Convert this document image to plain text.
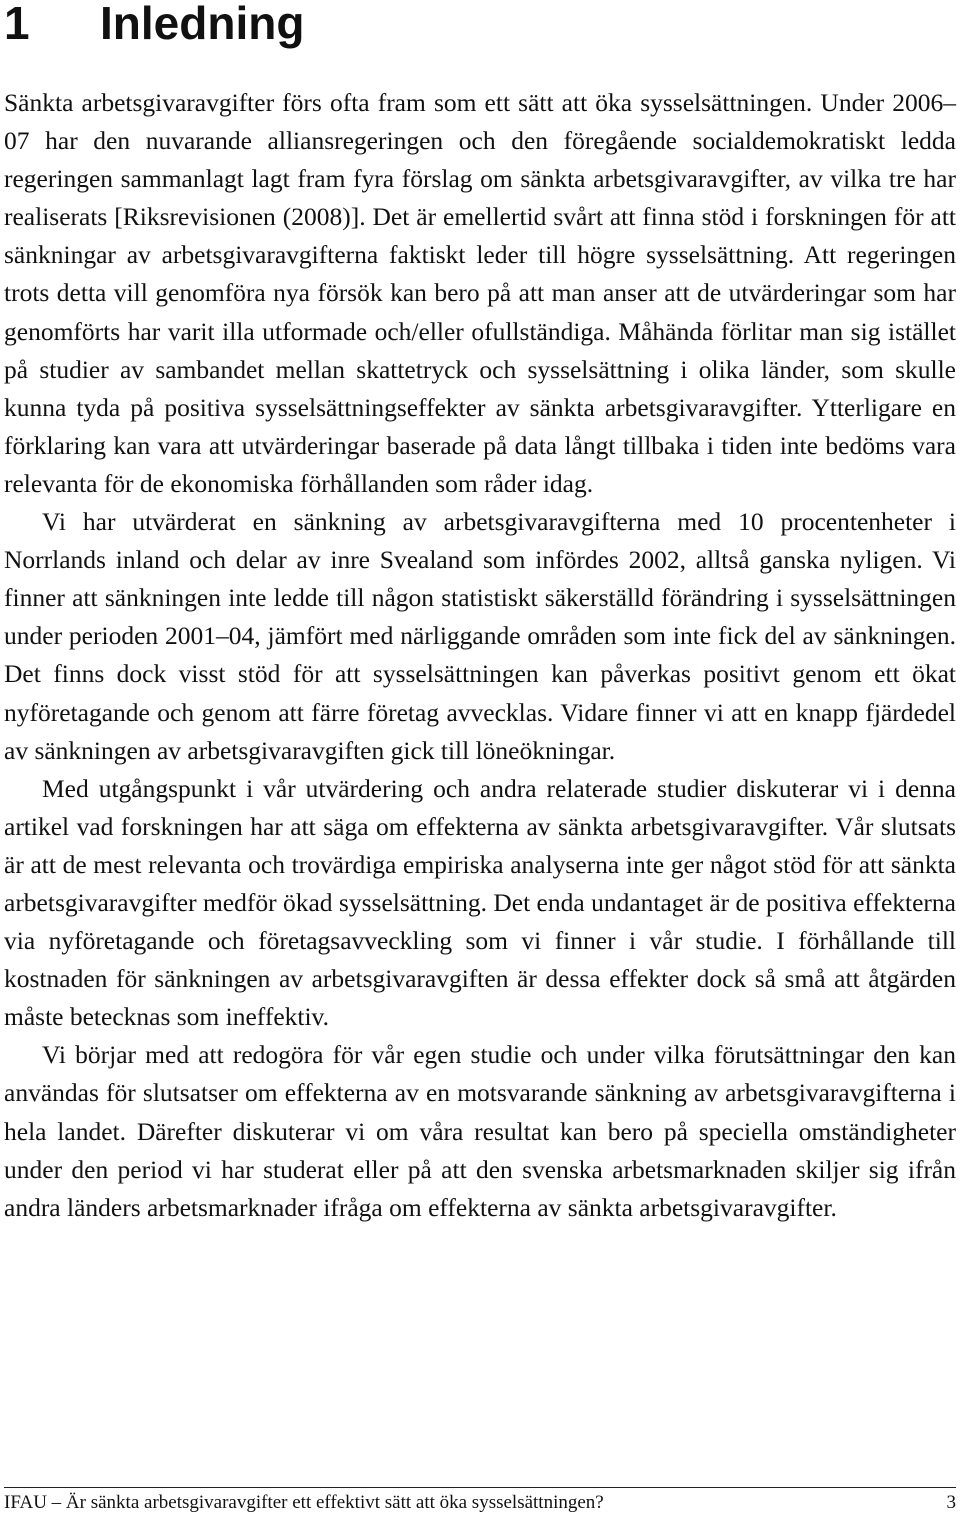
1 Inledning

Sänkta arbetsgivaravgifter förs ofta fram som ett sätt att öka sysselsättningen. Under 2006–07 har den nuvarande alliansregeringen och den föregående socialdemokratiskt ledda regeringen sammanlagt lagt fram fyra förslag om sänkta arbetsgivaravgifter, av vilka tre har realiserats [Riksrevisionen (2008)]. Det är emellertid svårt att finna stöd i forskningen för att sänkningar av arbetsgivaravgifterna faktiskt leder till högre sysselsättning. Att regeringen trots detta vill genomföra nya försök kan bero på att man anser att de utvärderingar som har genomförts har varit illa utformade och/eller ofullständiga. Måhända förlitar man sig istället på studier av sambandet mellan skattetryck och sysselsättning i olika länder, som skulle kunna tyda på positiva sysselsättningseffekter av sänkta arbetsgivaravgifter. Ytterligare en förklaring kan vara att utvärderingar baserade på data långt tillbaka i tiden inte bedöms vara relevanta för de ekonomiska förhållanden som råder idag.

Vi har utvärderat en sänkning av arbetsgivaravgifterna med 10 procentenheter i Norrlands inland och delar av inre Svealand som infördes 2002, alltså ganska nyligen. Vi finner att sänkningen inte ledde till någon statistiskt säkerställd förändring i sysselsättningen under perioden 2001–04, jämfört med närliggande områden som inte fick del av sänkningen. Det finns dock visst stöd för att sysselsättningen kan påverkas positivt genom ett ökat nyföretagande och genom att färre företag avvecklas. Vidare finner vi att en knapp fjärdedel av sänkningen av arbetsgivaravgiften gick till löneökningar.

Med utgångspunkt i vår utvärdering och andra relaterade studier diskuterar vi i denna artikel vad forskningen har att säga om effekterna av sänkta arbetsgivaravgifter. Vår slutsats är att de mest relevanta och trovärdiga empiriska analyserna inte ger något stöd för att sänkta arbetsgivaravgifter medför ökad sysselsättning. Det enda undantaget är de positiva effekterna via nyföretagande och företagsavveckling som vi finner i vår studie. I förhållande till kostnaden för sänkningen av arbetsgivaravgiften är dessa effekter dock så små att åtgärden måste betecknas som ineffektiv.

Vi börjar med att redogöra för vår egen studie och under vilka förutsättningar den kan användas för slutsatser om effekterna av en motsvarande sänkning av arbetsgivaravgifterna i hela landet. Därefter diskuterar vi om våra resultat kan bero på speciella omständigheter under den period vi har studerat eller på att den svenska arbetsmarknaden skiljer sig ifrån andra länders arbetsmarknader ifråga om effekterna av sänkta arbetsgivaravgifter.

IFAU – Är sänkta arbetsgivaravgifter ett effektivt sätt att öka sysselsättningen?	3
